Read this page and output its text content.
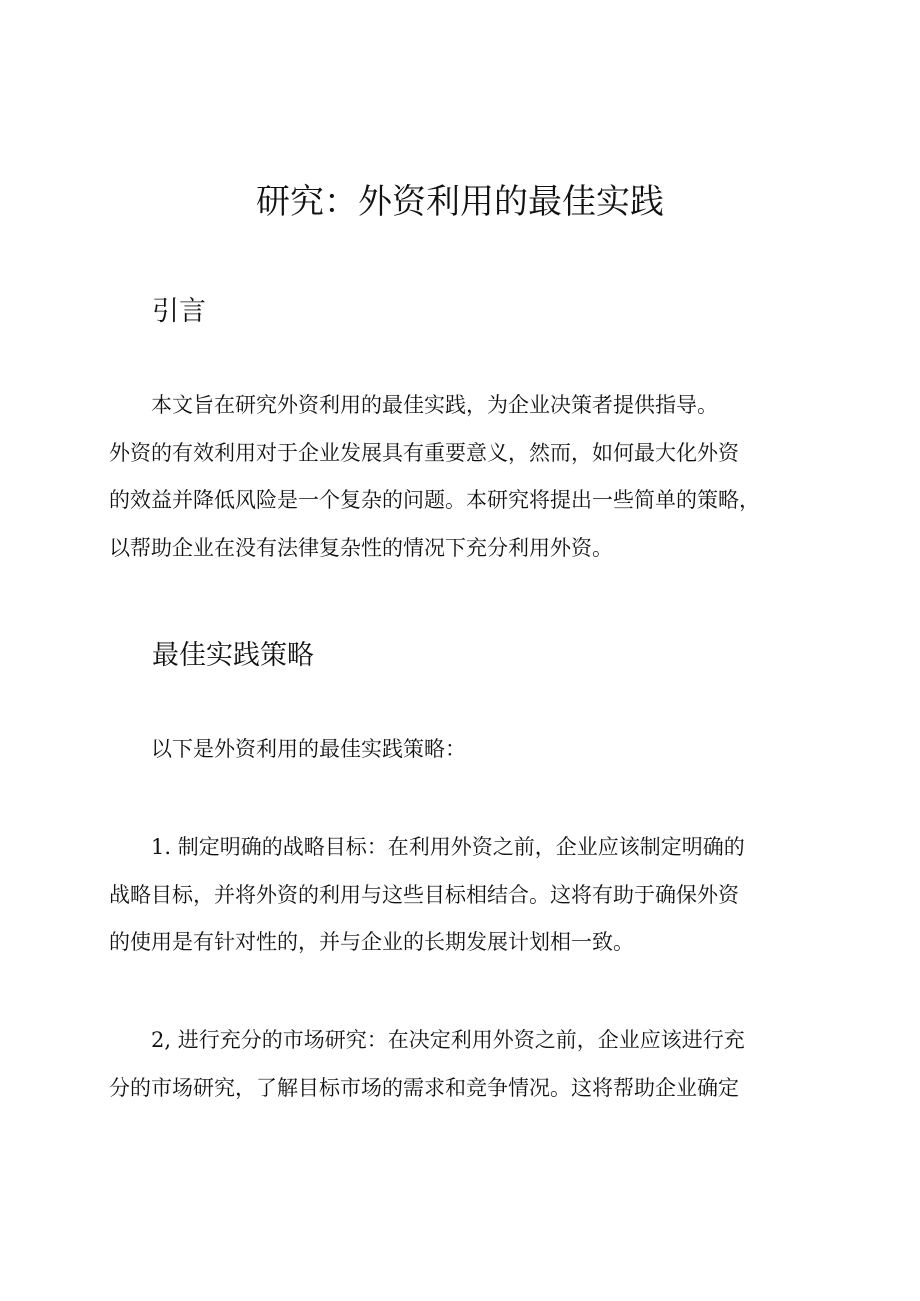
研究：外资利用的最佳实践
引言
本文旨在研究外资利用的最佳实践，为企业决策者提供指导。
外资的有效利用对于企业发展具有重要意义，然而，如何最大化外资
的效益并降低风险是一个复杂的问题。本研究将提出一些简单的策略，
以帮助企业在没有法律复杂性的情况下充分利用外资。
最佳实践策略
以下是外资利用的最佳实践策略：
1. 制定明确的战略目标：在利用外资之前，企业应该制定明确的
战略目标，并将外资的利用与这些目标相结合。这将有助于确保外资
的使用是有针对性的，并与企业的长期发展计划相一致。
2, 进行充分的市场研究：在决定利用外资之前，企业应该进行充
分的市场研究，了解目标市场的需求和竞争情况。这将帮助企业确定
